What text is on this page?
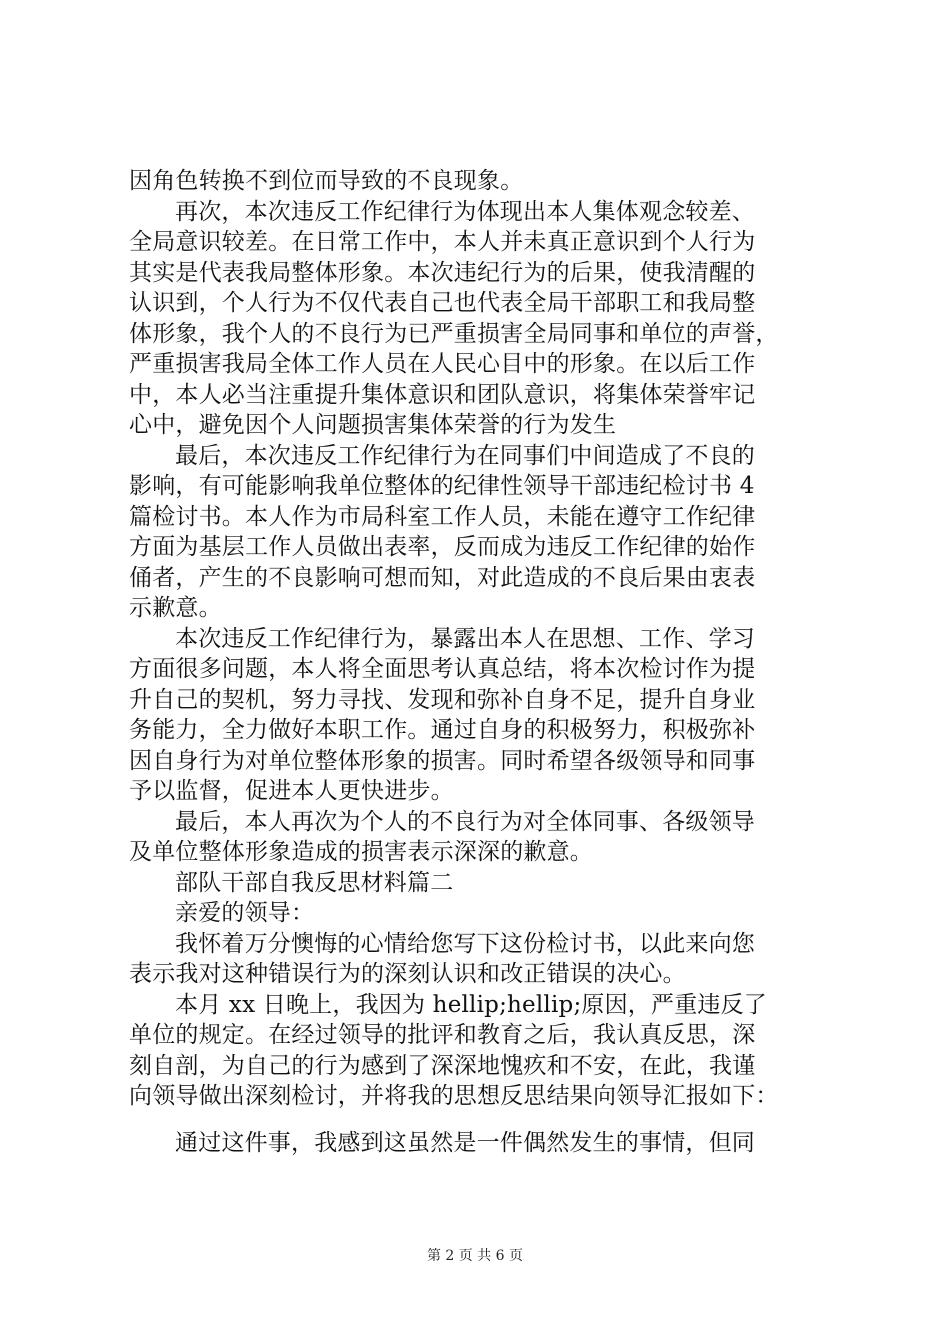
因角色转换不到位而导致的不良现象。
再次，本次违反工作纪律行为体现出本人集体观念较差、
全局意识较差。在日常工作中，本人并未真正意识到个人行为
其实是代表我局整体形象。本次违纪行为的后果，使我清醒的
认识到，个人行为不仅代表自己也代表全局干部职工和我局整
体形象，我个人的不良行为已严重损害全局同事和单位的声誉，
严重损害我局全体工作人员在人民心目中的形象。在以后工作
中，本人必当注重提升集体意识和团队意识，将集体荣誉牢记
心中，避免因个人问题损害集体荣誉的行为发生
最后，本次违反工作纪律行为在同事们中间造成了不良的
影响，有可能影响我单位整体的纪律性领导干部违纪检讨书 4
篇检讨书。本人作为市局科室工作人员，未能在遵守工作纪律
方面为基层工作人员做出表率，反而成为违反工作纪律的始作
俑者，产生的不良影响可想而知，对此造成的不良后果由衷表
示歉意。
本次违反工作纪律行为，暴露出本人在思想、工作、学习
方面很多问题，本人将全面思考认真总结，将本次检讨作为提
升自己的契机，努力寻找、发现和弥补自身不足，提升自身业
务能力，全力做好本职工作。通过自身的积极努力，积极弥补
因自身行为对单位整体形象的损害。同时希望各级领导和同事
予以监督，促进本人更快进步。
最后，本人再次为个人的不良行为对全体同事、各级领导
及单位整体形象造成的损害表示深深的歉意。
部队干部自我反思材料篇二
亲爱的领导：
我怀着万分懊悔的心情给您写下这份检讨书，以此来向您
表示我对这种错误行为的深刻认识和改正错误的决心。
本月 xx 日晚上，我因为 hellip;hellip;原因，严重违反了
单位的规定。在经过领导的批评和教育之后，我认真反思，深
刻自剖，为自己的行为感到了深深地愧疚和不安，在此，我谨
向领导做出深刻检讨，并将我的思想反思结果向领导汇报如下：
通过这件事，我感到这虽然是一件偶然发生的事情，但同
第 2 页 共 6 页
